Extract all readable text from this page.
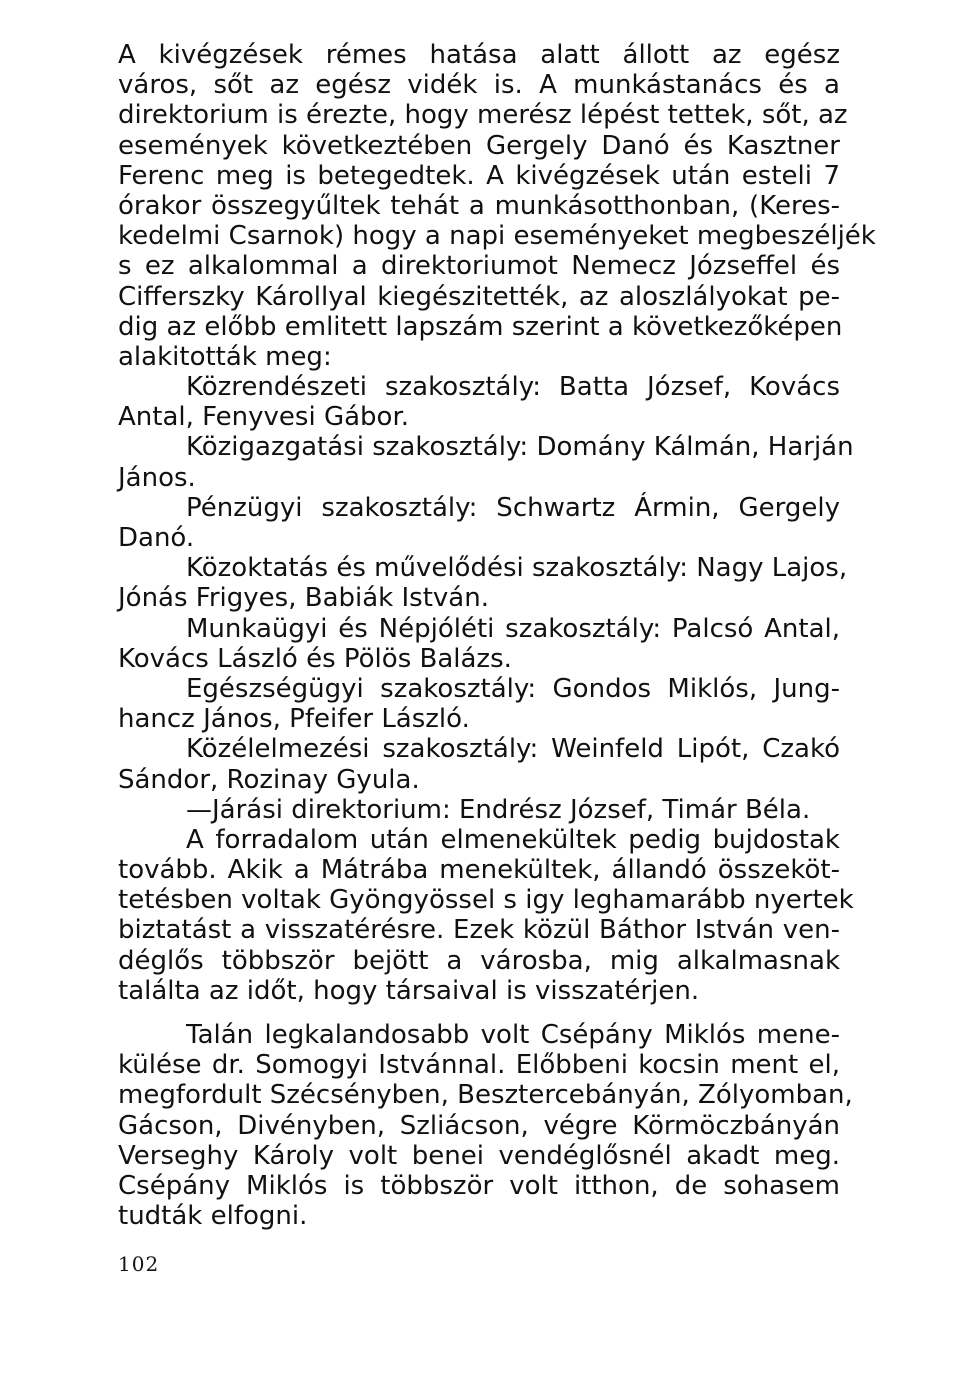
A kivégzések rémes hatása alatt állott az egész
város, sőt az egész vidék is. A munkástanács és a
direktorium is érezte, hogy merész lépést tettek, sőt, az
események következtében Gergely Danó és Kasztner
Ferenc meg is betegedtek. A kivégzések után esteli 7
órakor összegyűltek tehát a munkásotthonban, (Keres-
kedelmi Csarnok) hogy a napi eseményeket megbeszéljék
s ez alkalommal a direktoriumot Nemecz Józseffel és
Cifferszky Károllyal kiegészitették, az aloszlályokat pe-
dig az előbb emlitett lapszám szerint a következőképen
alakitották meg:
Közrendészeti szakosztály: Batta József, Kovács
Antal, Fenyvesi Gábor.
Közigazgatási szakosztály: Domány Kálmán, Harján
János.
Pénzügyi szakosztály: Schwartz Ármin, Gergely
Danó.
Közoktatás és művelődési szakosztály: Nagy Lajos,
Jónás Frigyes, Babiák István.
Munkaügyi és Népjóléti szakosztály: Palcsó Antal,
Kovács László és Pölös Balázs.
Egészségügyi szakosztály: Gondos Miklós, Jung-
hancz János, Pfeifer László.
Közélelmezési szakosztály: Weinfeld Lipót, Czakó
Sándor, Rozinay Gyula.
—Járási direktorium: Endrész József, Timár Béla.
A forradalom után elmenekültek pedig bujdostak
tovább. Akik a Mátrába menekültek, állandó összeköt-
tetésben voltak Gyöngyössel s igy leghamarább nyertek
biztatást a visszatérésre. Ezek közül Báthor István ven-
déglős többször bejött a városba, mig alkalmasnak
találta az időt, hogy társaival is visszatérjen.
Talán legkalandosabb volt Csépány Miklós mene-
külése dr. Somogyi Istvánnal. Előbbeni kocsin ment el,
megfordult Szécsényben, Besztercebányán, Zólyomban,
Gácson, Divényben, Szliácson, végre Körmöczbányán
Verseghy Károly volt benei vendéglősnél akadt meg.
Csépány Miklós is többször volt itthon, de sohasem
tudták elfogni.
102
